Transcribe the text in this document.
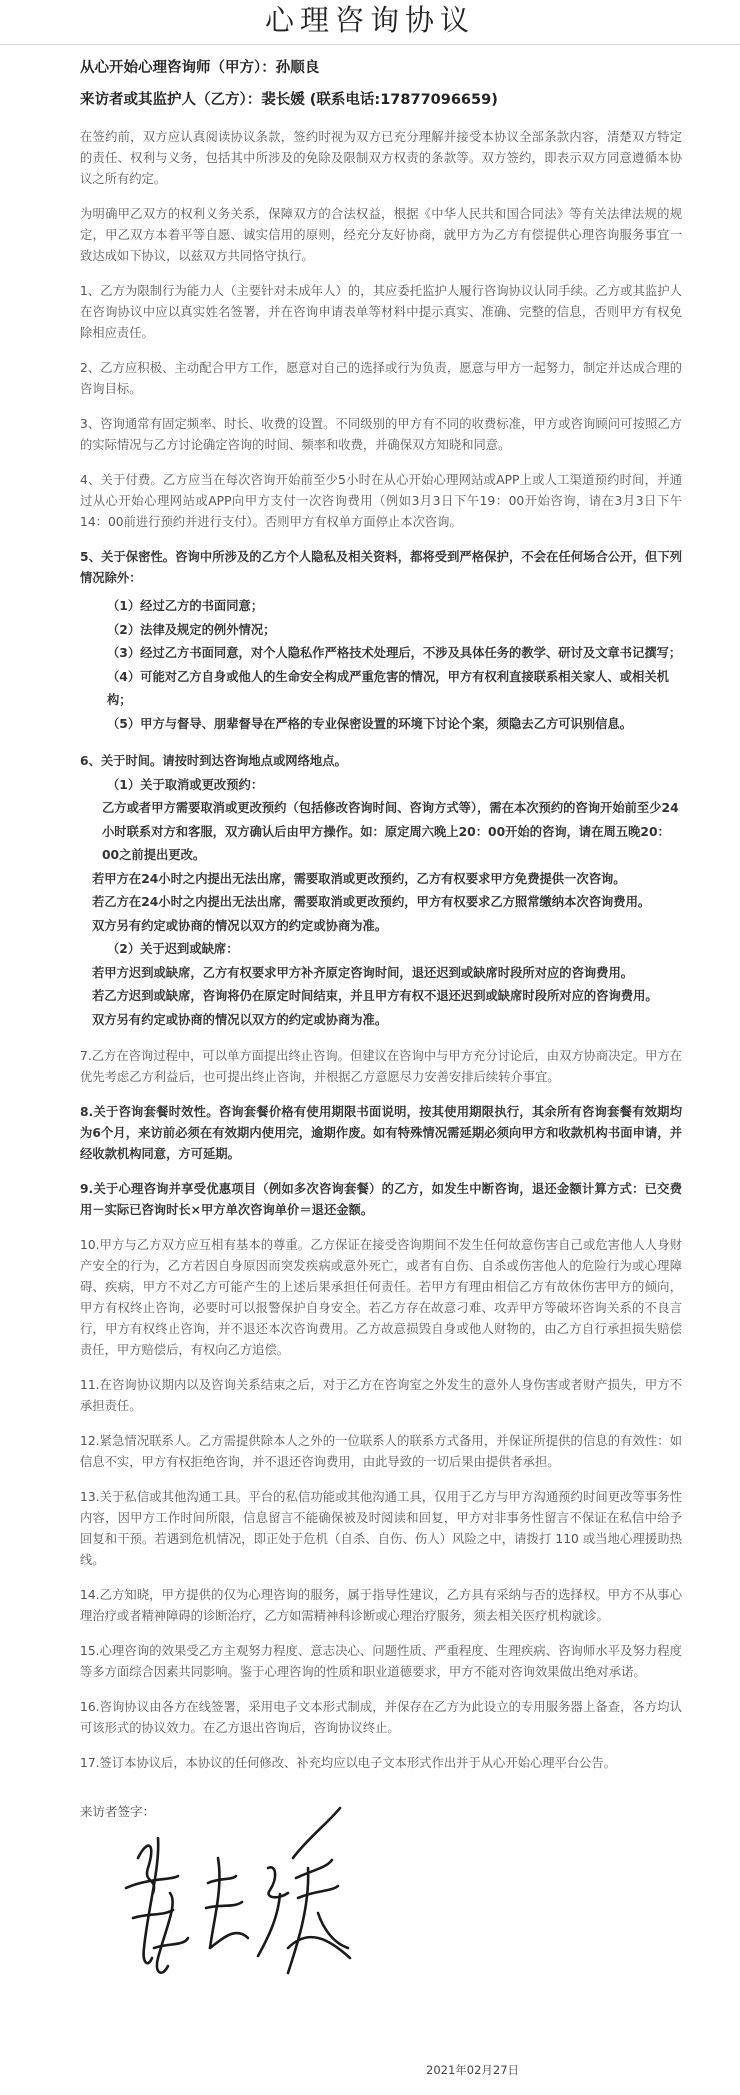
心理咨询协议
从心开始心理咨询师（甲方）：孙顺良
来访者或其监护人（乙方）：裴长媛 (联系电话:17877096659)

在签约前，双方应认真阅读协议条款，签约时视为双方已充分理解并接受本协议全部条款内容，清楚双方特定的责任、权利与义务，包括其中所涉及的免除及限制双方权责的条款等。双方签约，即表示双方同意遵循本协议之所有约定。

为明确甲乙双方的权利义务关系，保障双方的合法权益，根据《中华人民共和国合同法》等有关法律法规的规定，甲乙双方本着平等自愿、诚实信用的原则，经充分友好协商，就甲方为乙方有偿提供心理咨询服务事宜一致达成如下协议，以兹双方共同恪守执行。

1、乙方为限制行为能力人（主要针对未成年人）的，其应委托监护人履行咨询协议认同手续。乙方或其监护人在咨询协议中应以真实姓名签署，并在咨询申请表单等材料中提示真实、准确、完整的信息，否则甲方有权免除相应责任。

2、乙方应积极、主动配合甲方工作，愿意对自己的选择或行为负责，愿意与甲方一起努力，制定并达成合理的咨询目标。

3、咨询通常有固定频率、时长、收费的设置。不同级别的甲方有不同的收费标准，甲方或咨询顾问可按照乙方的实际情况与乙方讨论确定咨询的时间、频率和收费，并确保双方知晓和同意。

4、关于付费。乙方应当在每次咨询开始前至少5小时在从心开始心理网站或APP上或人工渠道预约时间，并通过从心开始心理网站或APP向甲方支付一次咨询费用（例如3月3日下午19：00开始咨询，请在3月3日下午14：00前进行预约并进行支付）。否则甲方有权单方面停止本次咨询。

5、关于保密性。咨询中所涉及的乙方个人隐私及相关资料，都将受到严格保护，不会在任何场合公开，但下列情况除外：

（1）经过乙方的书面同意；
（2）法律及规定的例外情况；
（3）经过乙方书面同意，对个人隐私作严格技术处理后，不涉及具体任务的教学、研讨及文章书记撰写；
（4）可能对乙方自身或他人的生命安全构成严重危害的情况，甲方有权利直接联系相关家人、或相关机构；
（5）甲方与督导、朋辈督导在严格的专业保密设置的环境下讨论个案，须隐去乙方可识别信息。
6、关于时间。请按时到达咨询地点或网络地点。
（1）关于取消或更改预约：
乙方或者甲方需要取消或更改预约（包括修改咨询时间、咨询方式等），需在本次预约的咨询开始前至少24小时联系对方和客服，双方确认后由甲方操作。如：原定周六晚上20：00开始的咨询，请在周五晚20：00之前提出更改。
若甲方在24小时之内提出无法出席，需要取消或更改预约，乙方有权要求甲方免费提供一次咨询。
若乙方在24小时之内提出无法出席，需要取消或更改预约，甲方有权要求乙方照常缴纳本次咨询费用。
双方另有约定或协商的情况以双方的约定或协商为准。
（2）关于迟到或缺席：
若甲方迟到或缺席，乙方有权要求甲方补齐原定咨询时间，退还迟到或缺席时段所对应的咨询费用。
若乙方迟到或缺席，咨询将仍在原定时间结束，并且甲方有权不退还迟到或缺席时段所对应的咨询费用。
双方另有约定或协商的情况以双方的约定或协商为准。

7.乙方在咨询过程中，可以单方面提出终止咨询。但建议在咨询中与甲方充分讨论后，由双方协商决定。甲方在优先考虑乙方利益后，也可提出终止咨询，并根据乙方意愿尽力安善安排后续转介事宜。

8.关于咨询套餐时效性。咨询套餐价格有使用期限书面说明，按其使用期限执行，其余所有咨询套餐有效期均为6个月，来访前必须在有效期内使用完，逾期作废。如有特殊情况需延期必须向甲方和收款机构书面申请，并经收款机构同意，方可延期。

9.关于心理咨询并享受优惠项目（例如多次咨询套餐）的乙方，如发生中断咨询，退还金额计算方式：已交费用－实际已咨询时长×甲方单次咨询单价＝退还金额。

10.甲方与乙方双方应互相有基本的尊重。乙方保证在接受咨询期间不发生任何故意伤害自己或危害他人人身财产安全的行为，乙方若因自身原因而突发疾病或意外死亡，或者有自伤、自杀或伤害他人的危险行为或心理障碍、疾病，甲方不对乙方可能产生的上述后果承担任何责任。若甲方有理由相信乙方有故休伤害甲方的倾向，甲方有权终止咨询，必要时可以报警保护自身安全。若乙方存在故意刁难、攻弄甲方等破坏咨询关系的不良言行，甲方有权终止咨询，并不退还本次咨询费用。乙方故意损毁自身或他人财物的，由乙方自行承担损失赔偿责任，甲方赔偿后，有权向乙方追偿。

11.在咨询协议期内以及咨询关系结束之后，对于乙方在咨询室之外发生的意外人身伤害或者财产损失，甲方不承担责任。

12.紧急情况联系人。乙方需提供除本人之外的一位联系人的联系方式备用，并保证所提供的信息的有效性：如信息不实，甲方有权拒绝咨询，并不退还咨询费用，由此导致的一切后果由提供者承担。

13.关于私信或其他沟通工具。平台的私信功能或其他沟通工具，仅用于乙方与甲方沟通预约时间更改等事务性内容，因甲方工作时间所限，信息留言不能确保被及时阅读和回复，甲方对非事务性留言不保证在私信中给予回复和干预。若遇到危机情况，即正处于危机（自杀、自伤、伤人）风险之中，请拨打 110 或当地心理援助热线。

14.乙方知晓，甲方提供的仅为心理咨询的服务，属于指导性建议，乙方具有采纳与否的选择权。甲方不从事心理治疗或者精神障碍的诊断治疗，乙方如需精神科诊断或心理治疗服务，须去相关医疗机构就诊。

15.心理咨询的效果受乙方主观努力程度、意志决心、问题性质、严重程度、生理疾病、咨询师水平及努力程度等多方面综合因素共同影响。鉴于心理咨询的性质和职业道德要求，甲方不能对咨询效果做出绝对承诺。

16.咨询协议由各方在线签署，采用电子文本形式制成，并保存在乙方为此设立的专用服务器上备查，各方均认可该形式的协议效力。在乙方退出咨询后，咨询协议终止。

17.签订本协议后，本协议的任何修改、补充均应以电子文本形式作出并于从心开始心理平台公告。

来访者签字：
2021年02月27日
